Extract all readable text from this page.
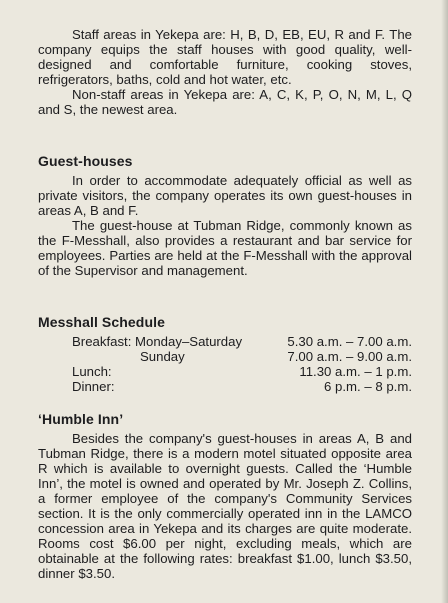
Staff areas in Yekepa are: H, B, D, EB, EU, R and F. The company equips the staff houses with good quality, well-designed and comfortable furniture, cooking stoves, refrigerators, baths, cold and hot water, etc.

Non-staff areas in Yekepa are: A, C, K, P, O, N, M, L, Q and S, the newest area.

Guest-houses

In order to accommodate adequately official as well as private visitors, the company operates its own guest-houses in areas A, B and F.

The guest-house at Tubman Ridge, commonly known as the F-Messhall, also provides a restaurant and bar service for employees. Parties are held at the F-Messhall with the approval of the Supervisor and management.

Messhall Schedule
Breakfast: Monday–Saturday	5.30 a.m. – 7.00 a.m.
Sunday	7.00 a.m. – 9.00 a.m.
Lunch:	11.30 a.m. – 1 p.m.
Dinner:	6 p.m. – 8 p.m.
‘Humble Inn’

Besides the company's guest-houses in areas A, B and Tubman Ridge, there is a modern motel situated opposite area R which is available to overnight guests. Called the ‘Humble Inn’, the motel is owned and operated by Mr. Joseph Z. Collins, a former employee of the company's Community Services section. It is the only commercially operated inn in the LAMCO concession area in Yekepa and its charges are quite moderate. Rooms cost $6.00 per night, excluding meals, which are obtainable at the following rates: breakfast $1.00, lunch $3.50, dinner $3.50.
